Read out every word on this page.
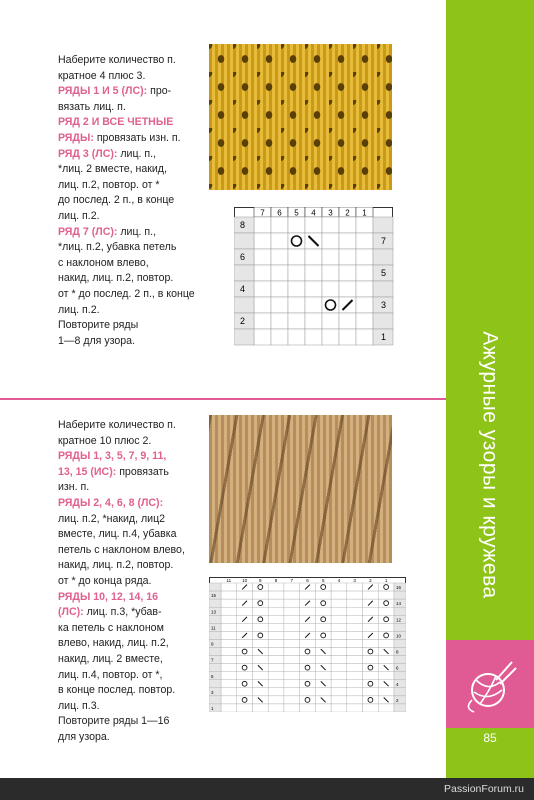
Наберите количество п.
кратное 4 плюс 3.
РЯДЫ 1 И 5 (ЛС): про-
вязать лиц. п.
РЯД 2 И ВСЕ ЧЕТНЫЕ
РЯДЫ: провязать изн. п.
РЯД 3 (ЛС): лиц. п.,
*лиц. 2 вместе, накид,
лиц. п.2, повтор. от *
до послед. 2 п., в конце
лиц. п.2.
РЯД 7 (ЛС): лиц. п.,
*лиц. п.2, убавка петель
с наклоном влево,
накид, лиц. п.2, повтор.
от * до послед. 2 п., в конце
лиц. п.2.
Повторите ряды
1—8 для узора.
7 6 5 4 3 2 1
8
6
4
2
7
5
3
1
Наберите количество п.
кратное 10 плюс 2.
РЯДЫ 1, 3, 5, 7, 9, 11,
13, 15 (ИС): провязать
изн. п.
РЯДЫ 2, 4, 6, 8 (ЛС):
лиц. п.2, *накид, лиц2
вместе, лиц. п.4, убавка
петель с наклоном влево,
накид, лиц. п.2, повтор.
от * до конца ряда.
РЯДЫ 10, 12, 14, 16
(ЛС): лиц. п.3, *убав-
ка петель с наклоном
влево, накид, лиц. п.2,
накид, лиц. 2 вместе,
лиц. п.4, повтор. от *,
в конце послед. повтор.
лиц. п.3.
Повторите ряды 1—16
для узора.
11 10	9	8	7	6	5	4	3	2	1
15
13
11
9
7
5
3
1
16
14
12
10
8
6
4
2
Ажурные узоры и кружева
85
PassionForum.ru
